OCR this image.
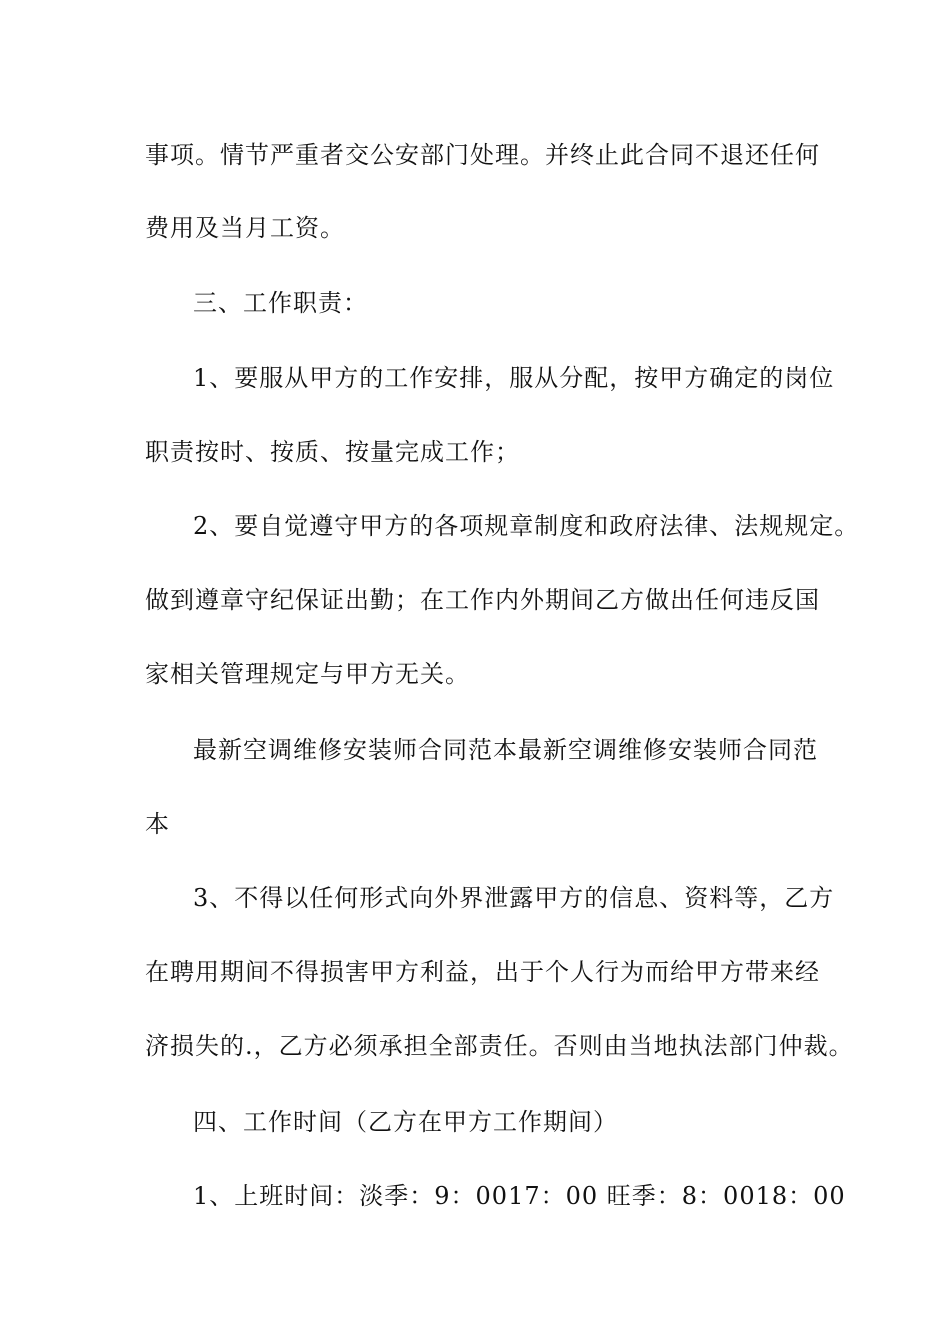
事项。情节严重者交公安部门处理。并终止此合同不退还任何

费用及当月工资。

三、工作职责：

1、要服从甲方的工作安排，服从分配，按甲方确定的岗位

职责按时、按质、按量完成工作；

2、要自觉遵守甲方的各项规章制度和政府法律、法规规定。

做到遵章守纪保证出勤；在工作内外期间乙方做出任何违反国

家相关管理规定与甲方无关。

最新空调维修安装师合同范本最新空调维修安装师合同范

本

3、不得以任何形式向外界泄露甲方的信息、资料等，乙方

在聘用期间不得损害甲方利益，出于个人行为而给甲方带来经

济损失的.，乙方必须承担全部责任。否则由当地执法部门仲裁。

四、工作时间（乙方在甲方工作期间）

1、上班时间：淡季：9：0017：00 旺季：8：0018：00
